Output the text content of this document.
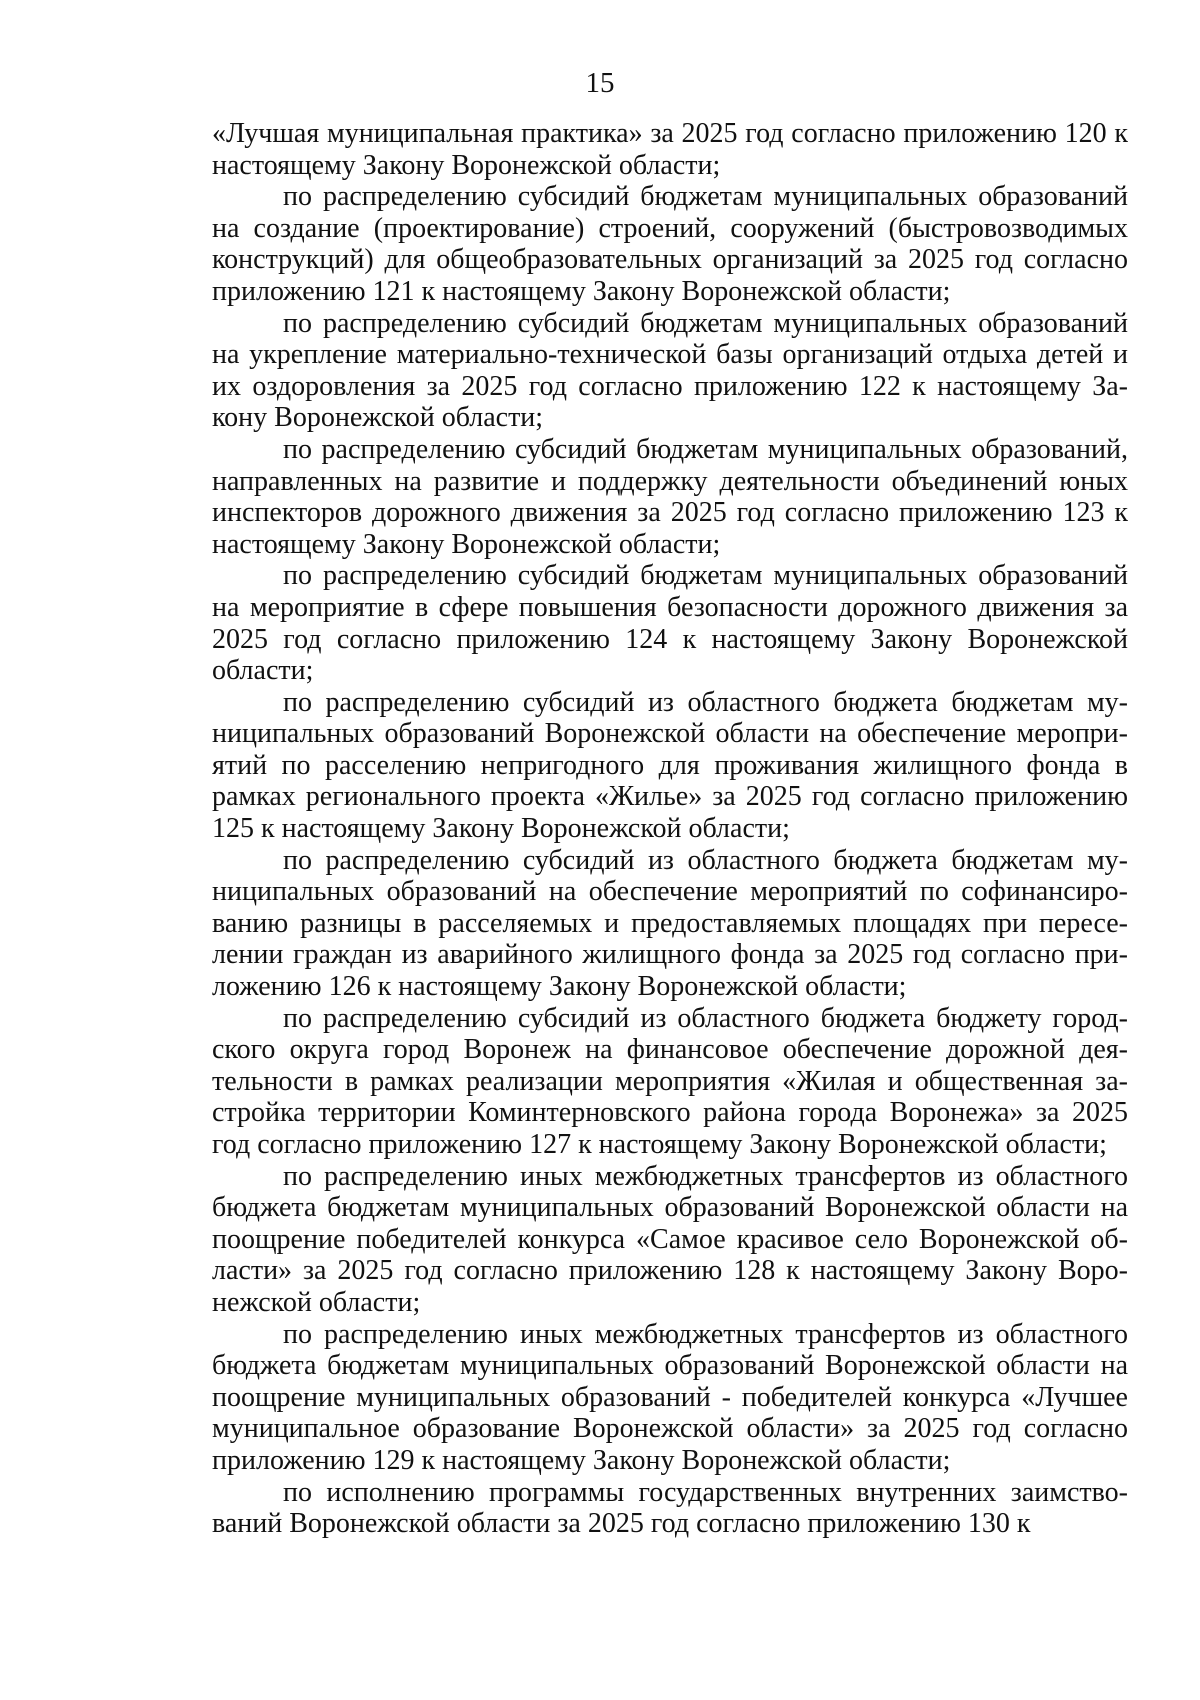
15

«Лучшая муниципальная практика» за 2025 год согласно приложению 120 к настоящему Закону Воронежской области;

по распределению субсидий бюджетам муниципальных образований на создание (проектирование) строений, сооружений (быстровозводимых конструкций) для общеобразовательных организаций за 2025 год согласно приложению 121 к настоящему Закону Воронежской области;

по распределению субсидий бюджетам муниципальных образований на укрепление материально-технической базы организаций отдыха детей и их оздоровления за 2025 год согласно приложению 122 к настоящему Закону Воронежской области;

по распределению субсидий бюджетам муниципальных образований, направленных на развитие и поддержку деятельности объединений юных инспекторов дорожного движения за 2025 год согласно приложению 123 к настоящему Закону Воронежской области;

по распределению субсидий бюджетам муниципальных образований на мероприятие в сфере повышения безопасности дорожного движения за 2025 год согласно приложению 124 к настоящему Закону Воронежской области;

по распределению субсидий из областного бюджета бюджетам муниципальных образований Воронежской области на обеспечение мероприятий по расселению непригодного для проживания жилищного фонда в рамках регионального проекта «Жилье» за 2025 год согласно приложению 125 к настоящему Закону Воронежской области;

по распределению субсидий из областного бюджета бюджетам муниципальных образований на обеспечение мероприятий по софинансированию разницы в расселяемых и предоставляемых площадях при переселении граждан из аварийного жилищного фонда за 2025 год согласно приложению 126 к настоящему Закону Воронежской области;

по распределению субсидий из областного бюджета бюджету городского округа город Воронеж на финансовое обеспечение дорожной деятельности в рамках реализации мероприятия «Жилая и общественная застройка территории Коминтерновского района города Воронежа» за 2025 год согласно приложению 127 к настоящему Закону Воронежской области;

по распределению иных межбюджетных трансфертов из областного бюджета бюджетам муниципальных образований Воронежской области на поощрение победителей конкурса «Самое красивое село Воронежской области» за 2025 год согласно приложению 128 к настоящему Закону Воронежской области;

по распределению иных межбюджетных трансфертов из областного бюджета бюджетам муниципальных образований Воронежской области на поощрение муниципальных образований - победителей конкурса «Лучшее муниципальное образование Воронежской области» за 2025 год согласно приложению 129 к настоящему Закону Воронежской области;

по исполнению программы государственных внутренних заимствований Воронежской области за 2025 год согласно приложению 130 к
